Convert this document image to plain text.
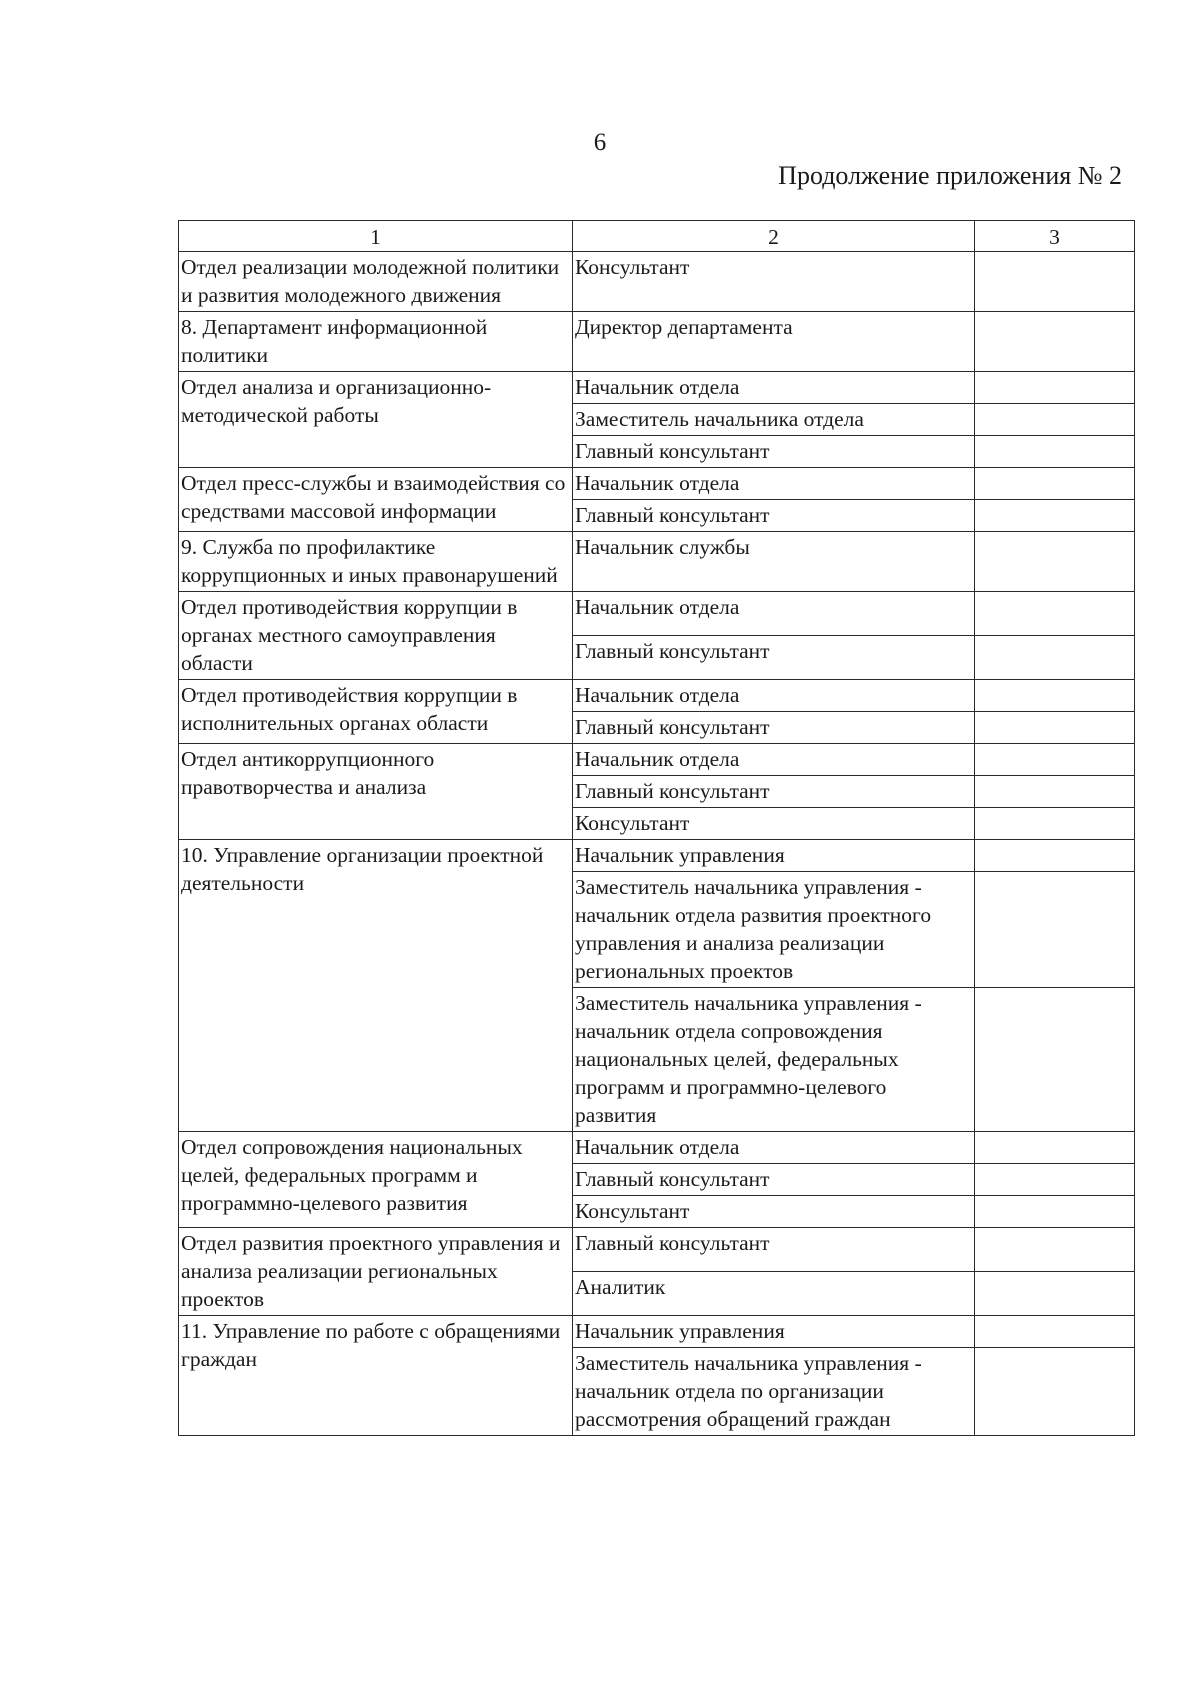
6
Продолжение приложения № 2
1	2	3
Отдел реализации молодежной политики и развития молодежного движения	Консультант	
8. Департамент информационной политики	Директор департамента	
Отдел анализа и организационно-методической работы	Начальник отдела	
	Заместитель начальника отдела	
	Главный консультант	
Отдел пресс-службы и взаимодействия со средствами массовой информации	Начальник отдела	
	Главный консультант	
9. Служба по профилактике коррупционных и иных правонарушений	Начальник службы	
Отдел противодействия коррупции в органах местного самоуправления области	Начальник отдела	
	Главный консультант	
Отдел противодействия коррупции в исполнительных органах области	Начальник отдела	
	Главный консультант	
Отдел антикоррупционного правотворчества и анализа	Начальник отдела	
	Главный консультант	
	Консультант	
10. Управление организации проектной деятельности	Начальник управления	
	Заместитель начальника управления - начальник отдела развития проектного управления и анализа реализации региональных проектов	
	Заместитель начальника управления - начальник отдела сопровождения национальных целей, федеральных программ и программно-целевого развития	
Отдел сопровождения национальных целей, федеральных программ и программно-целевого развития	Начальник отдела	
	Главный консультант	
	Консультант	
Отдел развития проектного управления и анализа реализации региональных проектов	Главный консультант	
	Аналитик	
11. Управление по работе с обращениями граждан	Начальник управления	
	Заместитель начальника управления - начальник отдела по организации рассмотрения обращений граждан	
